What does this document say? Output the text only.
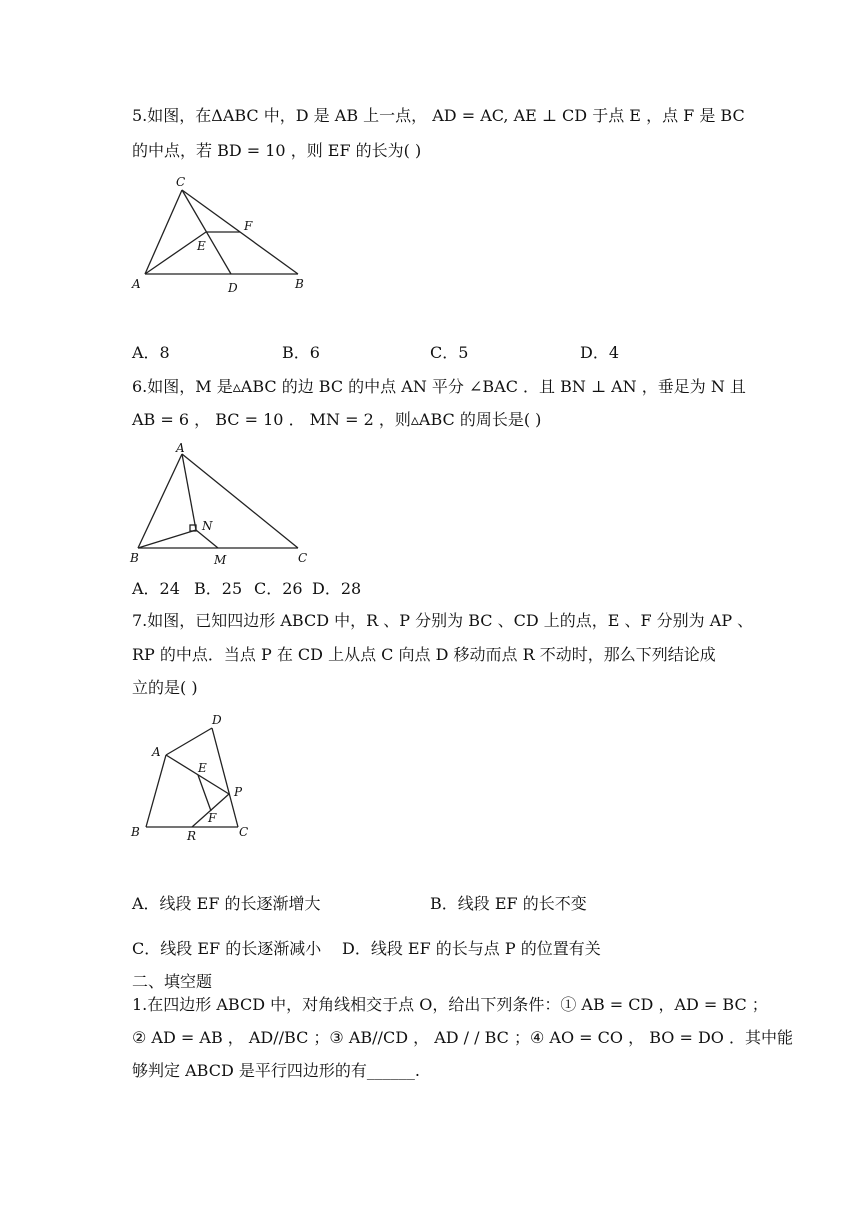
5.如图，在ΔABC 中，D 是 AB 上一点， AD = AC, AE ⊥ CD 于点 E ，点 F 是 BC
的中点，若 BD = 10 ，则 EF 的长为( )
C
F
E
A	D	B
A．8	B．6	C．5	D．4
6.如图，M 是▵ABC 的边 BC 的中点 AN 平分 ∠BAC ．且 BN ⊥ AN ，垂足为 N 且
AB = 6 ， BC = 10 ． MN = 2 ，则▵ABC 的周长是( )
A
N
B	M	C
A．24 B．25 C．26 D．28
7.如图，已知四边形 ABCD 中，R 、P 分别为 BC 、CD 上的点，E 、F 分别为 AP 、
RP 的中点．当点 P 在 CD 上从点 C 向点 D 移动而点 R 不动时，那么下列结论成
立的是( )
D
A
E
P
F
B	R	C
A．线段 EF 的长逐渐增大	B．线段 EF 的长不变
C．线段 EF 的长逐渐减小 D．线段 EF 的长与点 P 的位置有关
二、填空题
1.在四边形 ABCD 中，对角线相交于点 O，给出下列条件：① AB = CD ，AD = BC ；
② AD = AB ， AD//BC ；③ AB//CD ， AD / / BC ；④ AO = CO ， BO = DO ．其中能
够判定 ABCD 是平行四边形的有______.
